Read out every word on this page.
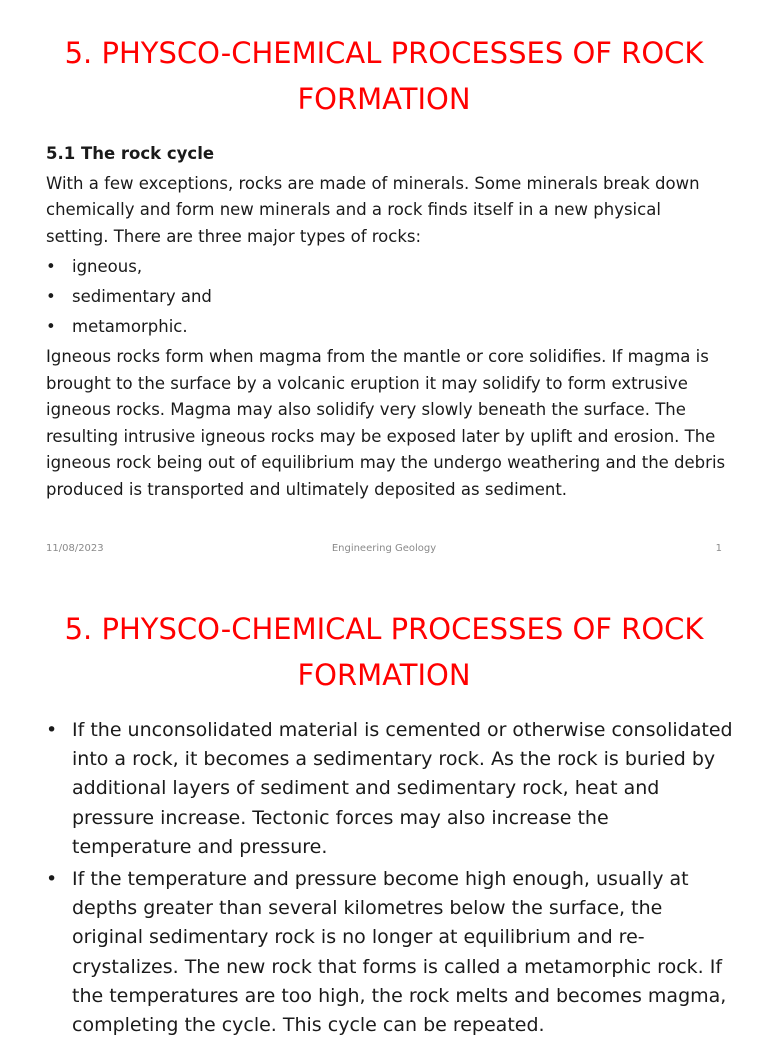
5. PHYSCO-CHEMICAL PROCESSES OF ROCK FORMATION

5.1 The rock cycle

With a few exceptions, rocks are made of minerals. Some minerals break down chemically and form new minerals and a rock finds itself in a new physical setting. There are three major types of rocks:

• igneous,
• sedimentary and
• metamorphic.

Igneous rocks form when magma from the mantle or core solidifies. If magma is brought to the surface by a volcanic eruption it may solidify to form extrusive igneous rocks. Magma may also solidify very slowly beneath the surface. The resulting intrusive igneous rocks may be exposed later by uplift and erosion. The igneous rock being out of equilibrium may the undergo weathering and the debris produced is transported and ultimately deposited as sediment.

11/08/2023	Engineering Geology	1
5. PHYSCO-CHEMICAL PROCESSES OF ROCK FORMATION
• If the unconsolidated material is cemented or otherwise consolidated into a rock, it becomes a sedimentary rock. As the rock is buried by additional layers of sediment and sedimentary rock, heat and pressure increase. Tectonic forces may also increase the temperature and pressure.
• If the temperature and pressure become high enough, usually at depths greater than several kilometres below the surface, the original sedimentary rock is no longer at equilibrium and re-crystalizes. The new rock that forms is called a metamorphic rock. If the temperatures are too high, the rock melts and becomes magma, completing the cycle. This cycle can be repeated.
